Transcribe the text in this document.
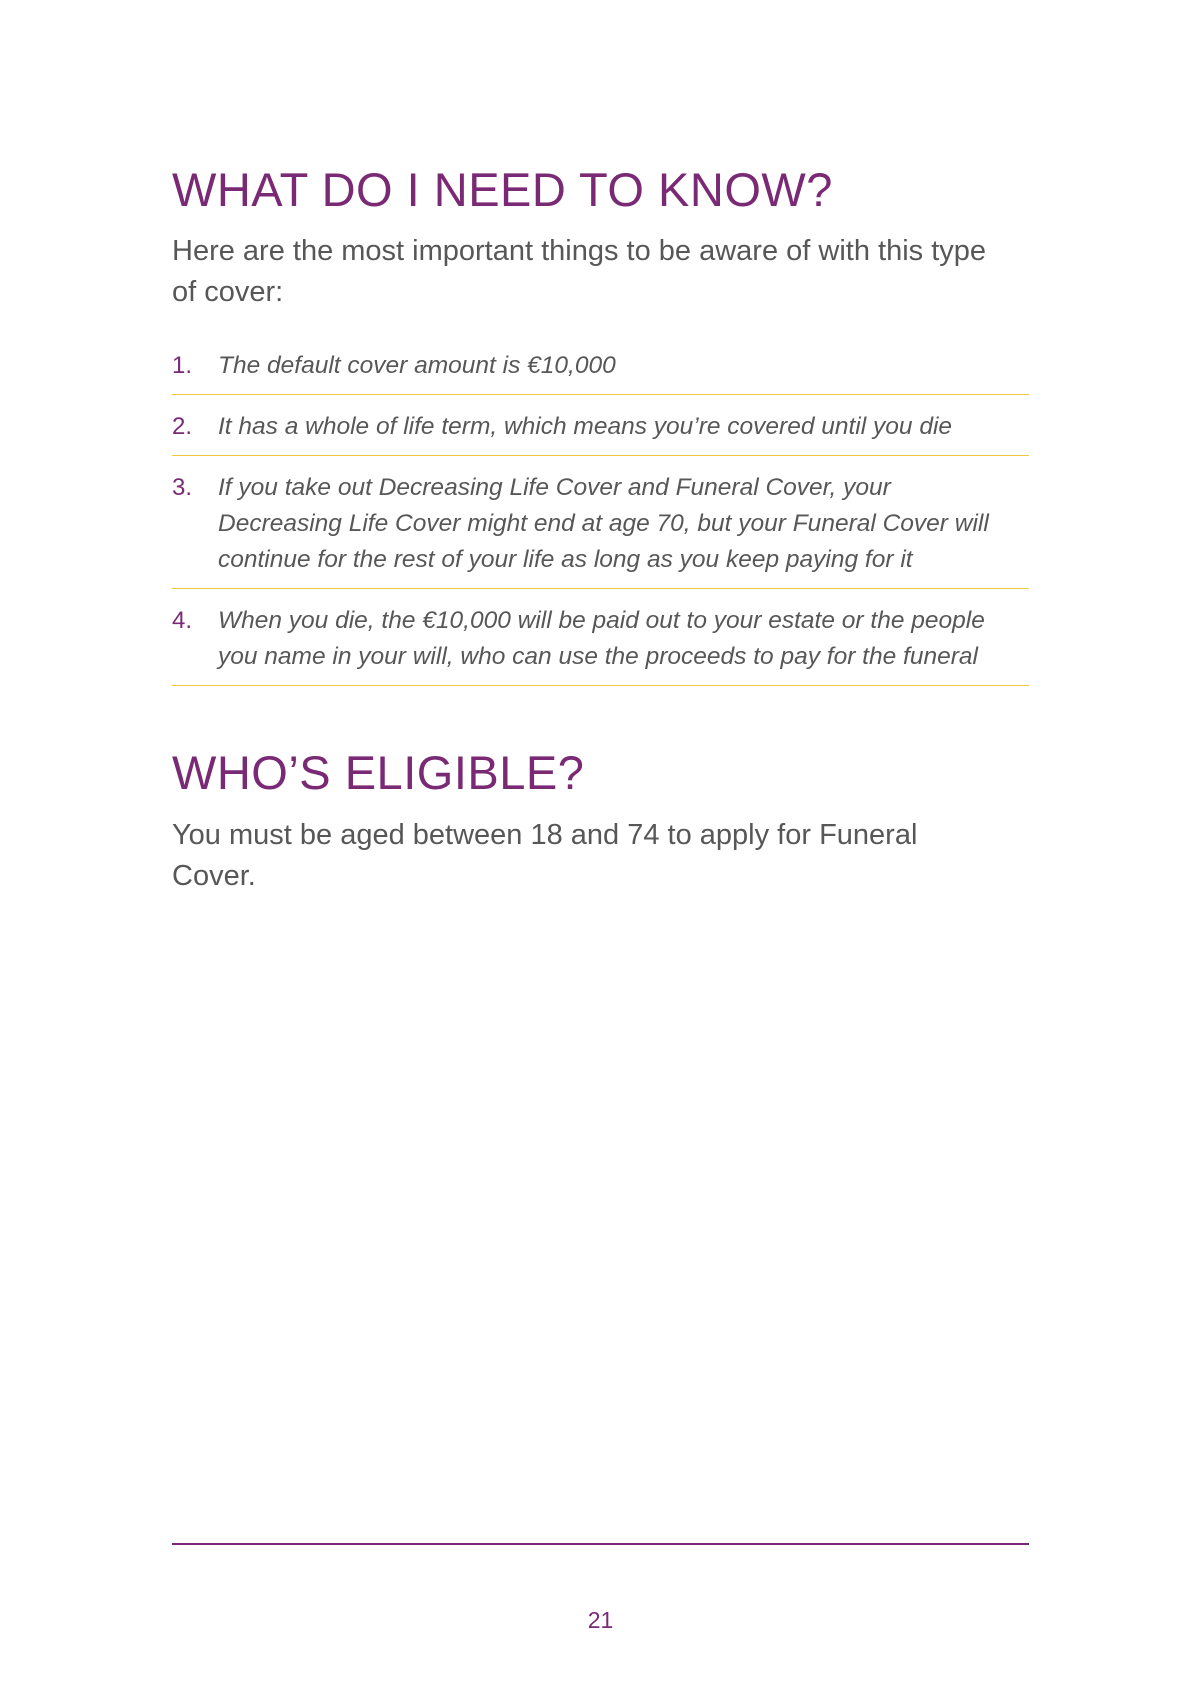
WHAT DO I NEED TO KNOW?

Here are the most important things to be aware of with this type of cover:

1.	The default cover amount is €10,000
2.	It has a whole of life term, which means you’re covered until you die
3.	If you take out Decreasing Life Cover and Funeral Cover, your Decreasing Life Cover might end at age 70, but your Funeral Cover will continue for the rest of your life as long as you keep paying for it
4.	When you die, the €10,000 will be paid out to your estate or the people you name in your will, who can use the proceeds to pay for the funeral
WHO’S ELIGIBLE?

You must be aged between 18 and 74 to apply for Funeral Cover.

21
